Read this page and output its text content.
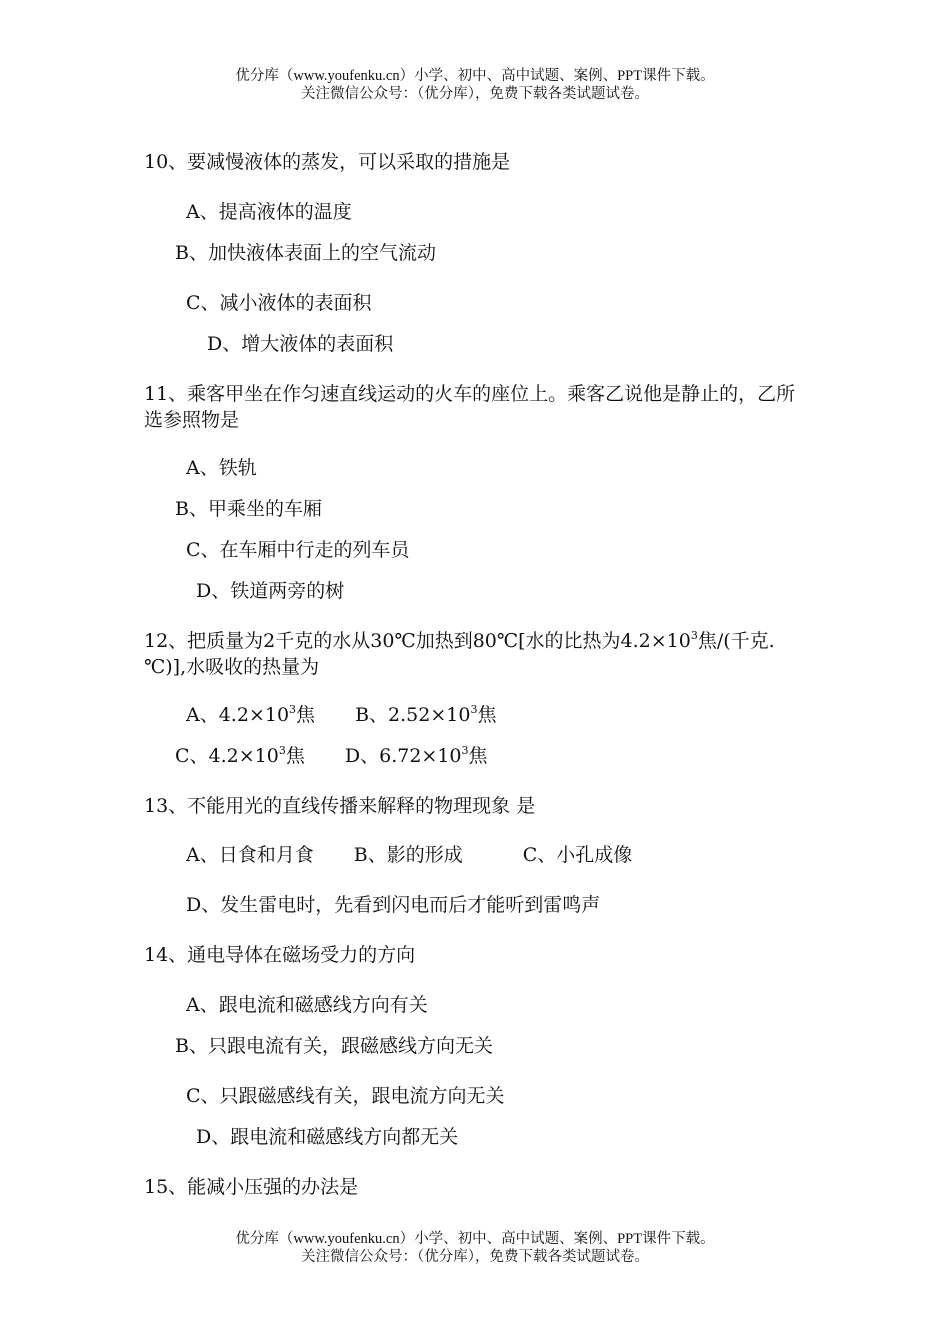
优分库（www.youfenku.cn）小学、初中、高中试题、案例、PPT课件下载。
关注微信公众号：（优分库），免费下载各类试题试卷。
10、要减慢液体的蒸发，可以采取的措施是
A、提高液体的温度
B、加快液体表面上的空气流动
C、减小液体的表面积
D、增大液体的表面积
11、乘客甲坐在作匀速直线运动的火车的座位上。乘客乙说他是静止的，乙所选参照物是
A、铁轨
B、甲乘坐的车厢
C、在车厢中行走的列车员
D、铁道两旁的树
12、把质量为2千克的水从30℃加热到80℃[水的比热为$4.2\times 10^3$焦/(千克.℃)],水吸收的热量为
A、$4.2\times 10^3$焦 B、$2.52\times 10^3$焦
C、$4.2\times 10^3$焦 D、$6.72\times 10^3$焦
13、不能用光的直线传播来解释的物理现象 是
A、日食和月食 B、影的形成	C、小孔成像
D、发生雷电时，先看到闪电而后才能听到雷鸣声
14、通电导体在磁场受力的方向
A、跟电流和磁感线方向有关
B、只跟电流有关，跟磁感线方向无关
C、只跟磁感线有关，跟电流方向无关
D、跟电流和磁感线方向都无关
15、能减小压强的办法是
优分库（www.youfenku.cn）小学、初中、高中试题、案例、PPT课件下载。
关注微信公众号：（优分库），免费下载各类试题试卷。
